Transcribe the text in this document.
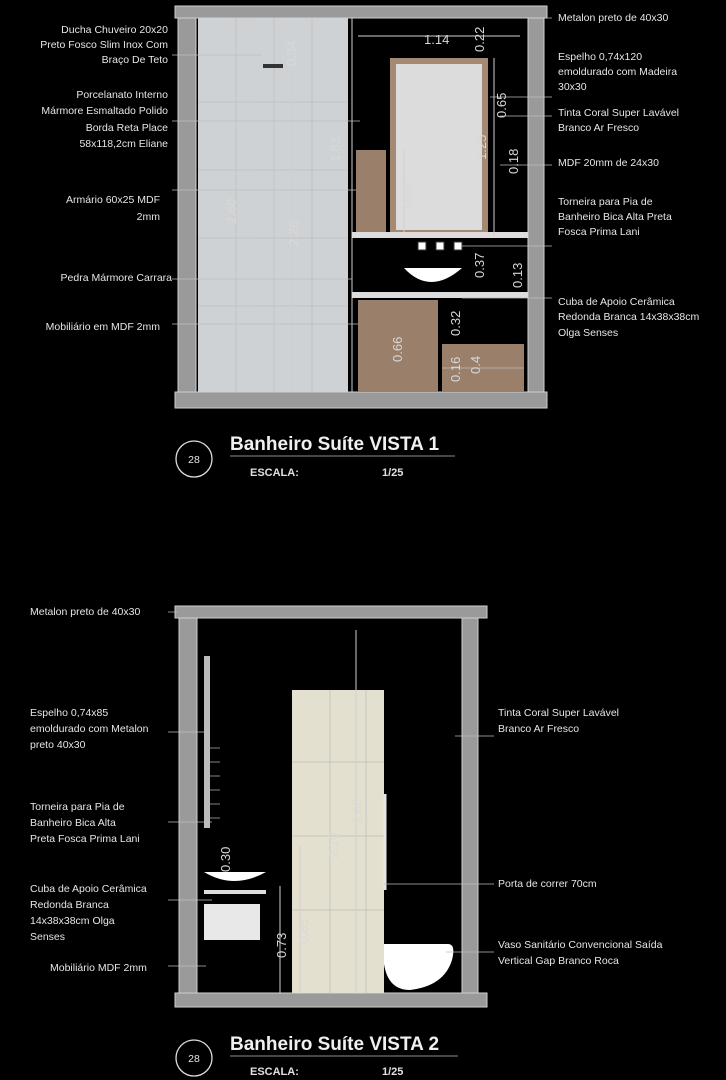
Ducha Chuveiro 20x20
Preto Fosco Slim Inox Com
Braço De Teto
Porcelanato Interno
Mármore Esmaltado Polido
Borda Reta Place
58x118,2cm Eliane
Armário 60x25 MDF
2mm
Pedra Mármore Carrara
Mobiliário em MDF 2mm
Metalon preto de 40x30
Espelho 0,74x120
emoldurado com Madeira
30x30
Tinta Coral Super Lavável
Branco Ar Fresco
MDF 20mm de 24x30
Torneira para Pia de
Banheiro Bica Alta Preta
Fosca Prima Lani
Cuba de Apoio Cerâmica
Redonda Branca 14x38x38cm
Olga Senses
1.14 0.22
0.34
0.65
1.83	1.25
0.18
2.60
0.60
2.26
0.37 0.13
0.32
0.66
0.16 0.4
28
Banheiro Suíte VISTA 1
ESCALA:	1/25
Metalon preto de 40x30
Espelho 0,74x85
emoldurado com Metalon
preto 40x30
Torneira para Pia de
Banheiro Bica Alta
Preta Fosca Prima Lani
Cuba de Apoio Cerâmica
Redonda Branca
14x38x38cm Olga
Senses
Mobiliário MDF 2mm
Tinta Coral Super Lavável
Branco Ar Fresco
Porta de correr 70cm
Vaso Sanitário Convencional Saída
Vertical Gap Branco Roca
2.60
2.10
0.85
0.73
0.30
28
Banheiro Suíte VISTA 2
ESCALA:	1/25
